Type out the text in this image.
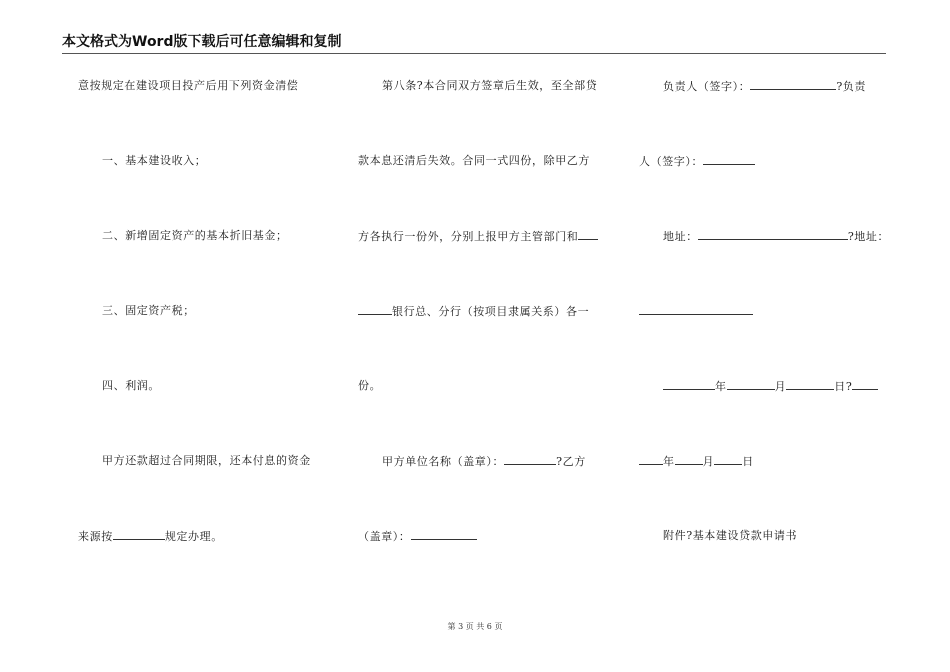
本文格式为Word版下载后可任意编辑和复制
意按规定在建设项目投产后用下列资金清偿
一、基本建设收入；
二、新增固定资产的基本折旧基金；
三、固定资产税；
四、利润。
甲方还款超过合同期限，还本付息的资金
来源按	规定办理。
第八条?本合同双方签章后生效，至全部贷
款本息还清后失效。合同一式四份，除甲乙方
方各执行一份外，分别上报甲方主管部门和
银行总、分行（按项目隶属关系）各一
份。
甲方单位名称（盖章）：	?乙方
（盖章）：
负责人（签字）：	?负责
人（签字）：
地址：	?地址：
年	月	日?
年	月	日
附件?基本建设贷款申请书
第 3 页 共 6 页
